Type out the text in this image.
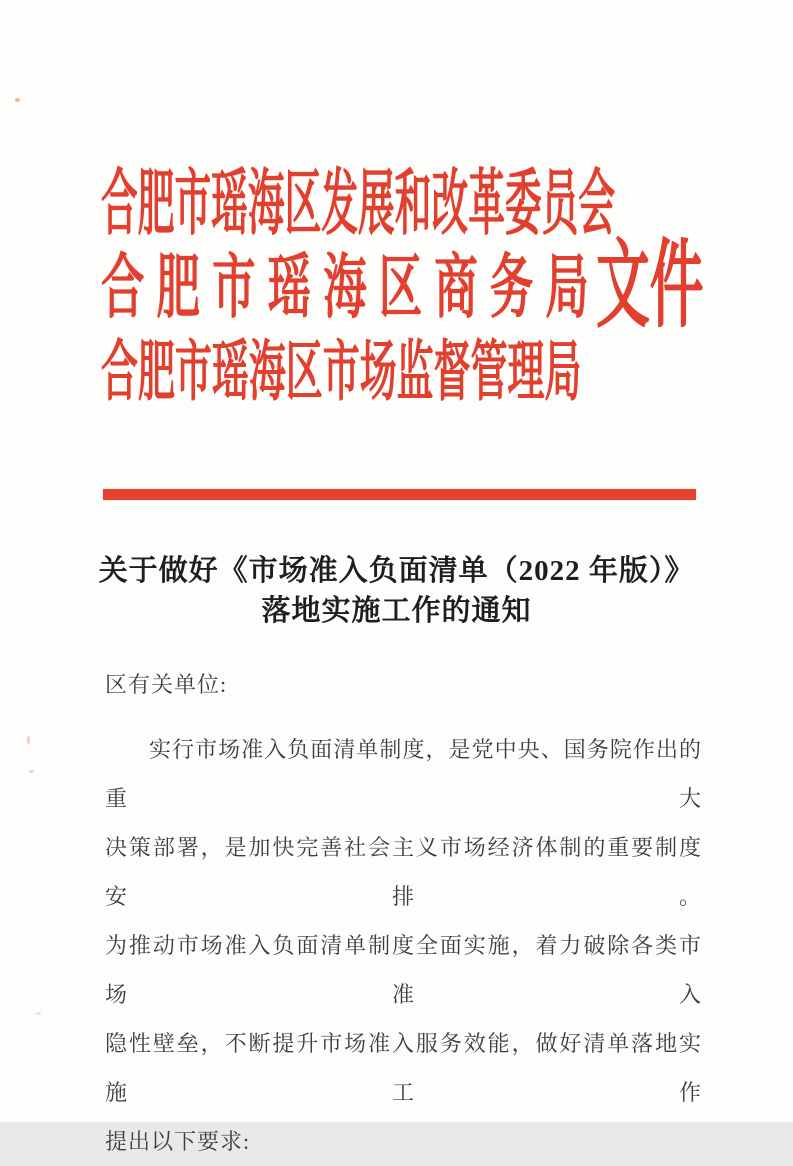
合肥市瑶海区发展和改革委员会
合肥市瑶海区商务局
文件
合肥市瑶海区市场监督管理局
关于做好《市场准入负面清单（2022 年版）》
落地实施工作的通知
区有关单位:
实行市场准入负面清单制度，是党中央、国务院作出的重大
决策部署，是加快完善社会主义市场经济体制的重要制度安排。
为推动市场准入负面清单制度全面实施，着力破除各类市场准入
隐性壁垒，不断提升市场准入服务效能，做好清单落地实施工作
提出以下要求:
